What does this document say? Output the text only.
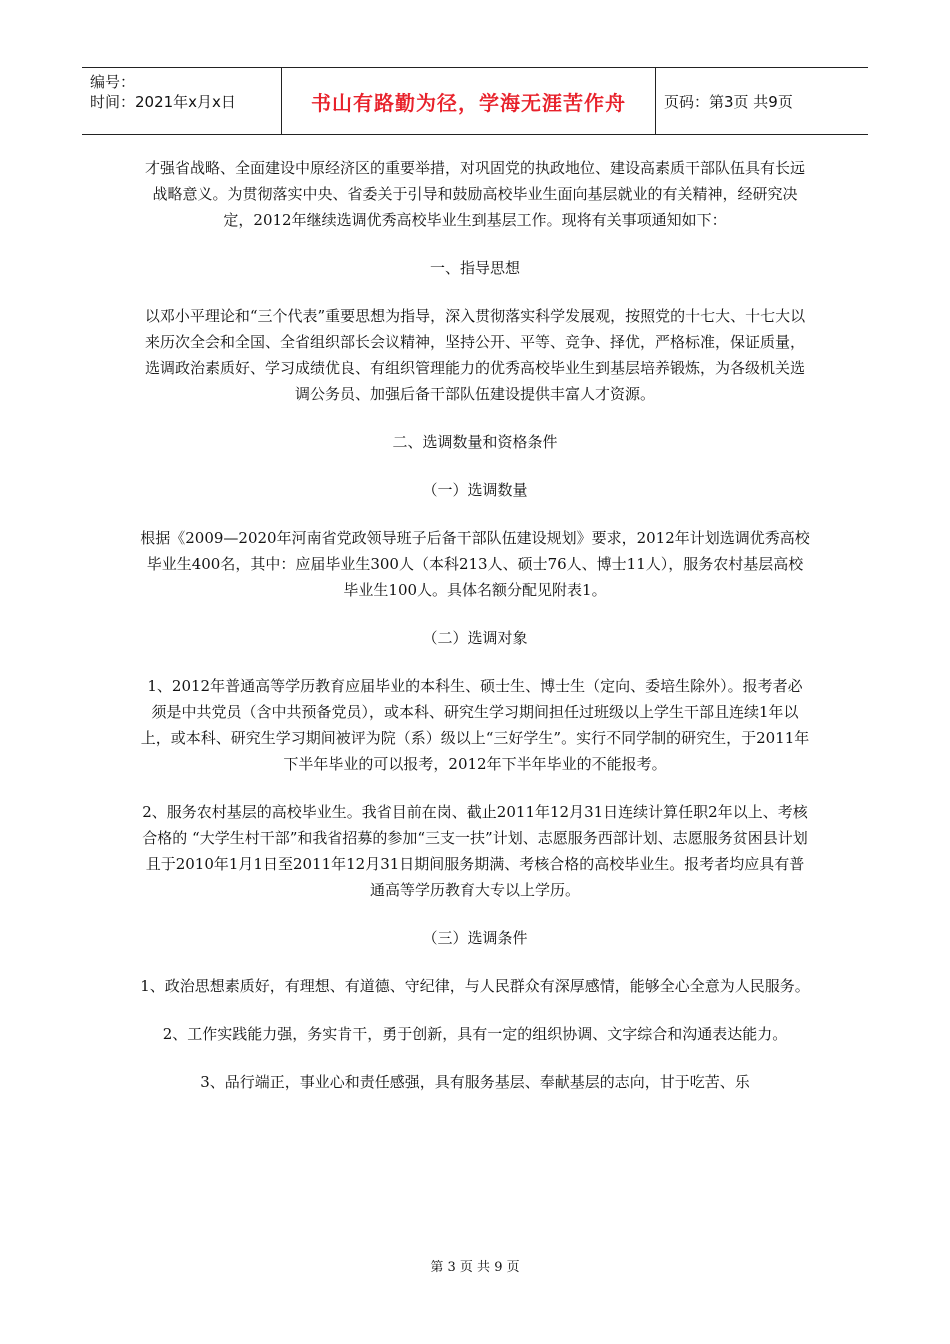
编号：
时间：2021年x月x日	书山有路勤为径，学海无涯苦作舟	页码：第3页 共9页

才强省战略、全面建设中原经济区的重要举措，对巩固党的执政地位、建设高素质干部队伍具有长远战略意义。为贯彻落实中央、省委关于引导和鼓励高校毕业生面向基层就业的有关精神，经研究决定，2012年继续选调优秀高校毕业生到基层工作。现将有关事项通知如下：

一、指导思想

以邓小平理论和“三个代表”重要思想为指导，深入贯彻落实科学发展观，按照党的十七大、十七大以来历次全会和全国、全省组织部长会议精神，坚持公开、平等、竞争、择优，严格标准，保证质量，选调政治素质好、学习成绩优良、有组织管理能力的优秀高校毕业生到基层培养锻炼，为各级机关选调公务员、加强后备干部队伍建设提供丰富人才资源。

二、选调数量和资格条件

（一）选调数量

根据《2009—2020年河南省党政领导班子后备干部队伍建设规划》要求，2012年计划选调优秀高校毕业生400名，其中：应届毕业生300人（本科213人、硕士76人、博士11人），服务农村基层高校毕业生100人。具体名额分配见附表1。

（二）选调对象

1、2012年普通高等学历教育应届毕业的本科生、硕士生、博士生（定向、委培生除外）。报考者必须是中共党员（含中共预备党员），或本科、研究生学习期间担任过班级以上学生干部且连续1年以上，或本科、研究生学习期间被评为院（系）级以上“三好学生”。实行不同学制的研究生，于2011年下半年毕业的可以报考，2012年下半年毕业的不能报考。

2、服务农村基层的高校毕业生。我省目前在岗、截止2011年12月31日连续计算任职2年以上、考核合格的 “大学生村干部”和我省招募的参加“三支一扶”计划、志愿服务西部计划、志愿服务贫困县计划且于2010年1月1日至2011年12月31日期间服务期满、考核合格的高校毕业生。报考者均应具有普通高等学历教育大专以上学历。

（三）选调条件

1、政治思想素质好，有理想、有道德、守纪律，与人民群众有深厚感情，能够全心全意为人民服务。

2、工作实践能力强，务实肯干，勇于创新，具有一定的组织协调、文字综合和沟通表达能力。

3、品行端正，事业心和责任感强，具有服务基层、奉献基层的志向，甘于吃苦、乐

第 3 页 共 9 页
